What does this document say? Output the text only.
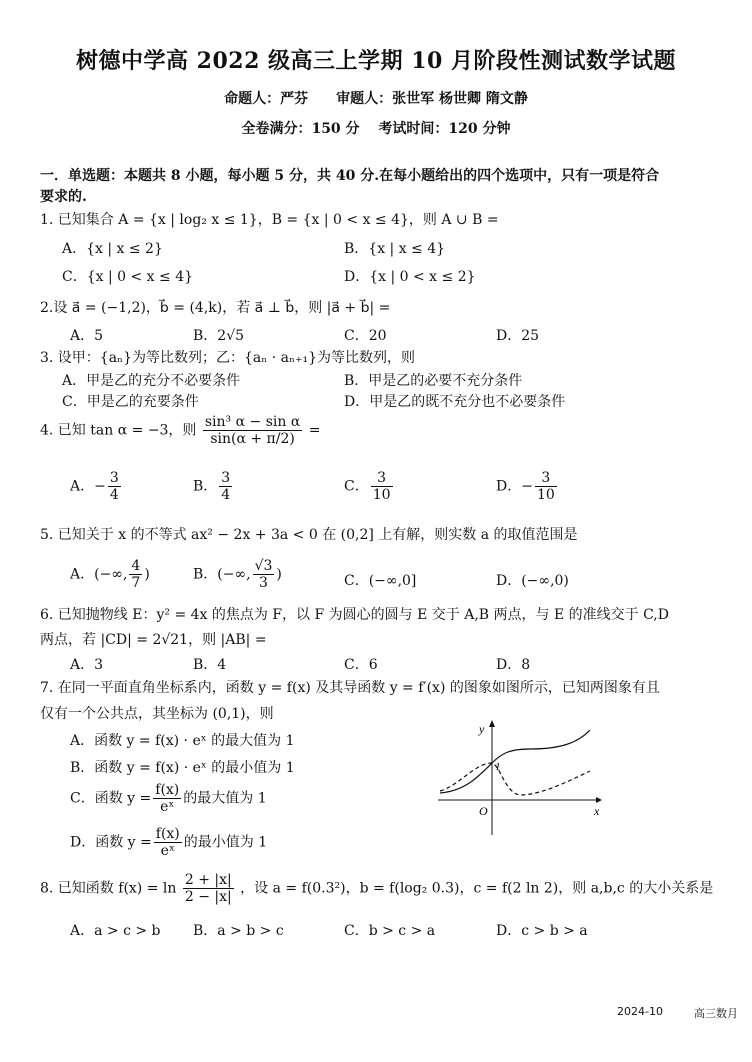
树德中学高 2022 级高三上学期 10 月阶段性测试数学试题
命题人：严芬　　审题人：张世军 杨世卿 隋文静
全卷满分：150 分　 考试时间：120 分钟
一．单选题：本题共 8 小题，每小题 5 分，共 40 分.在每小题给出的四个选项中，只有一项是符合
要求的.
1. 已知集合 A = {x | log₂ x ≤ 1}，B = {x | 0 < x ≤ 4}，则 A ∪ B =
A．{x | x ≤ 2}	B．{x | x ≤ 4}
C．{x | 0 < x ≤ 4}	D．{x | 0 < x ≤ 2}
2.设 a⃗ = (−1,2)，b⃗ = (4,k)，若 a⃗ ⊥ b⃗，则 |a⃗ + b⃗| =
A．5	B．2√5	C．20	D．25
3. 设甲：{aₙ}为等比数列；乙：{aₙ · aₙ₊₁}为等比数列，则
A．甲是乙的充分不必要条件	B．甲是乙的必要不充分条件
C．甲是乙的充要条件	D．甲是乙的既不充分也不必要条件
4. 已知 tan α = −3，则 $\frac{\text{sin³ α − sin α}}{\sin(\alpha + \pi/2)}$ =
A．− $\frac{3}{4}$	B． $\frac{3}{4}$	C． $\frac{3}{10}$	D．− $\frac{3}{10}$
5. 已知关于 x 的不等式 ax² − 2x + 3a < 0 在 (0,2] 上有解，则实数 a 的取值范围是
A．(−∞, $\frac{4}{7}$ )	B．(−∞, $\frac{√3}{3}$ )	C．(−∞,0]	D．(−∞,0)
6. 已知抛物线 E：y² = 4x 的焦点为 F，以 F 为圆心的圆与 E 交于 A,B 两点，与 E 的准线交于 C,D
两点，若 |CD| = 2√21，则 |AB| =
A．3	B．4	C．6	D．8
7. 在同一平面直角坐标系内，函数 y = f(x) 及其导函数 y = f′(x) 的图象如图所示，已知两图象有且
仅有一个公共点，其坐标为 (0,1)，则
A．函数 y = f(x) · eˣ 的最大值为 1
B．函数 y = f(x) · eˣ 的最小值为 1
C．函数 $y = \frac{f(x)}{\text{eˣ}}$ 的最大值为 1
D．函数 $y = \frac{f(x)}{\text{eˣ}}$ 的最小值为 1
y
x
O
1
8. 已知函数 $f(x) = \ln \frac{2 + |x|}{2 - |x|}$ ，设 a = f(0.3²)，b = f(log₂ 0.3)，c = f(2 ln 2)，则 a,b,c 的大小关系是
A．a > c > b B．a > b > c	C．b > c > a	D．c > b > a
2024-10	高三数月
